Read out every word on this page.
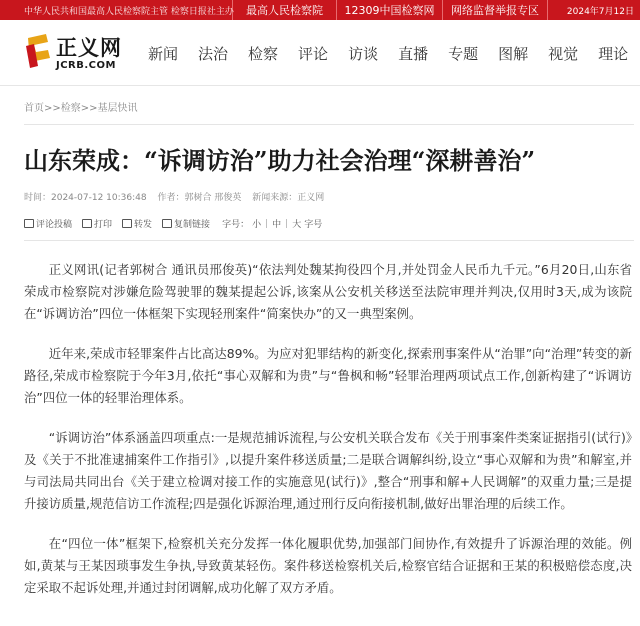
中华人民共和国最高人民检察院主管 检察日报社主办	最高人民检察院	12309中国检察网	网络监督举报专区	2024年7月12日
正义网
JCRB.COM
新闻 法治 检察 评论 访谈 直播 专题 图解 视觉 理论
首页>>检察>>基层快讯
山东荣成：“诉调访治”助力社会治理“深耕善治”
时间：2024-07-12 10:36:48 作者：郭树合 邢俊英 新闻来源：正义网
评论投稿 打印 转发 复制链接 字号： 小 | 中 | 大 字号

正义网讯(记者郭树合 通讯员邢俊英)“依法判处魏某拘役四个月,并处罚金人民币九千元。”6月20日,山东省荣成市检察院对涉嫌危险驾驶罪的魏某提起公诉,该案从公安机关移送至法院审理并判决,仅用时3天,成为该院在“诉调访治”四位一体框架下实现轻刑案件“简案快办”的又一典型案例。

近年来,荣成市轻罪案件占比高达89%。为应对犯罪结构的新变化,探索刑事案件从“治罪”向“治理”转变的新路径,荣成市检察院于今年3月,依托“事心双解和为贵”与“鲁枫和畅”轻罪治理两项试点工作,创新构建了“诉调访治”四位一体的轻罪治理体系。

“诉调访治”体系涵盖四项重点:一是规范捕诉流程,与公安机关联合发布《关于刑事案件类案证据指引(试行)》及《关于不批准逮捕案件工作指引》,以提升案件移送质量;二是联合调解纠纷,设立“事心双解和为贵”和解室,并与司法局共同出台《关于建立检调对接工作的实施意见(试行)》,整合“刑事和解+人民调解”的双重力量;三是提升接访质量,规范信访工作流程;四是强化诉源治理,通过刑行反向衔接机制,做好出罪治理的后续工作。

在“四位一体”框架下,检察机关充分发挥一体化履职优势,加强部门间协作,有效提升了诉源治理的效能。例如,黄某与王某因琐事发生争执,导致黄某轻伤。案件移送检察机关后,检察官结合证据和王某的积极赔偿态度,决定采取不起诉处理,并通过封闭调解,成功化解了双方矛盾。
